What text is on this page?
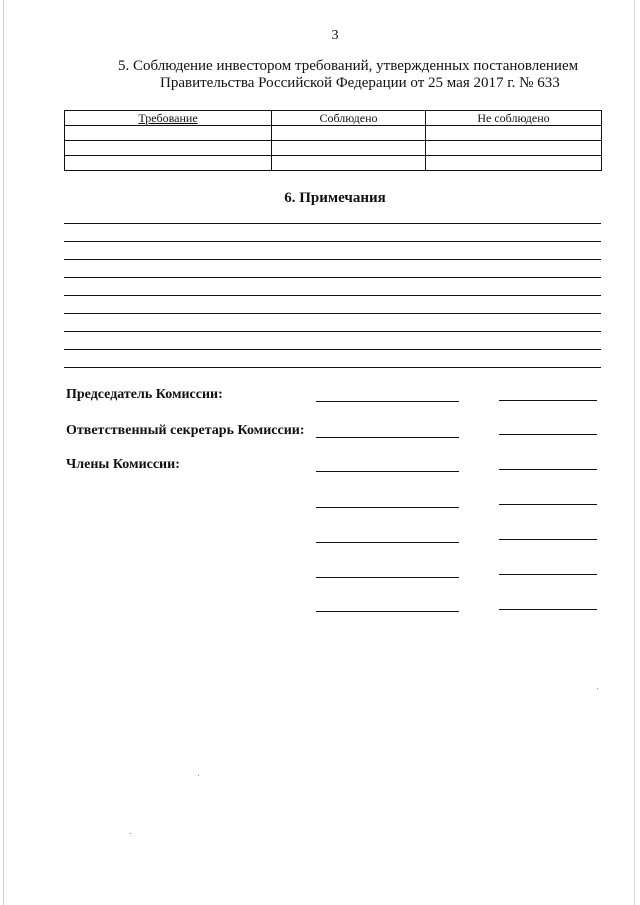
3
5. Соблюдение инвестором требований, утвержденных постановлением
Правительства Российской Федерации от 25 мая 2017 г. № 633
Требование	Соблюдено	Не соблюдено

6. Примечания
Председатель Комиссии:
Ответственный секретарь Комиссии:
Члены Комиссии:
